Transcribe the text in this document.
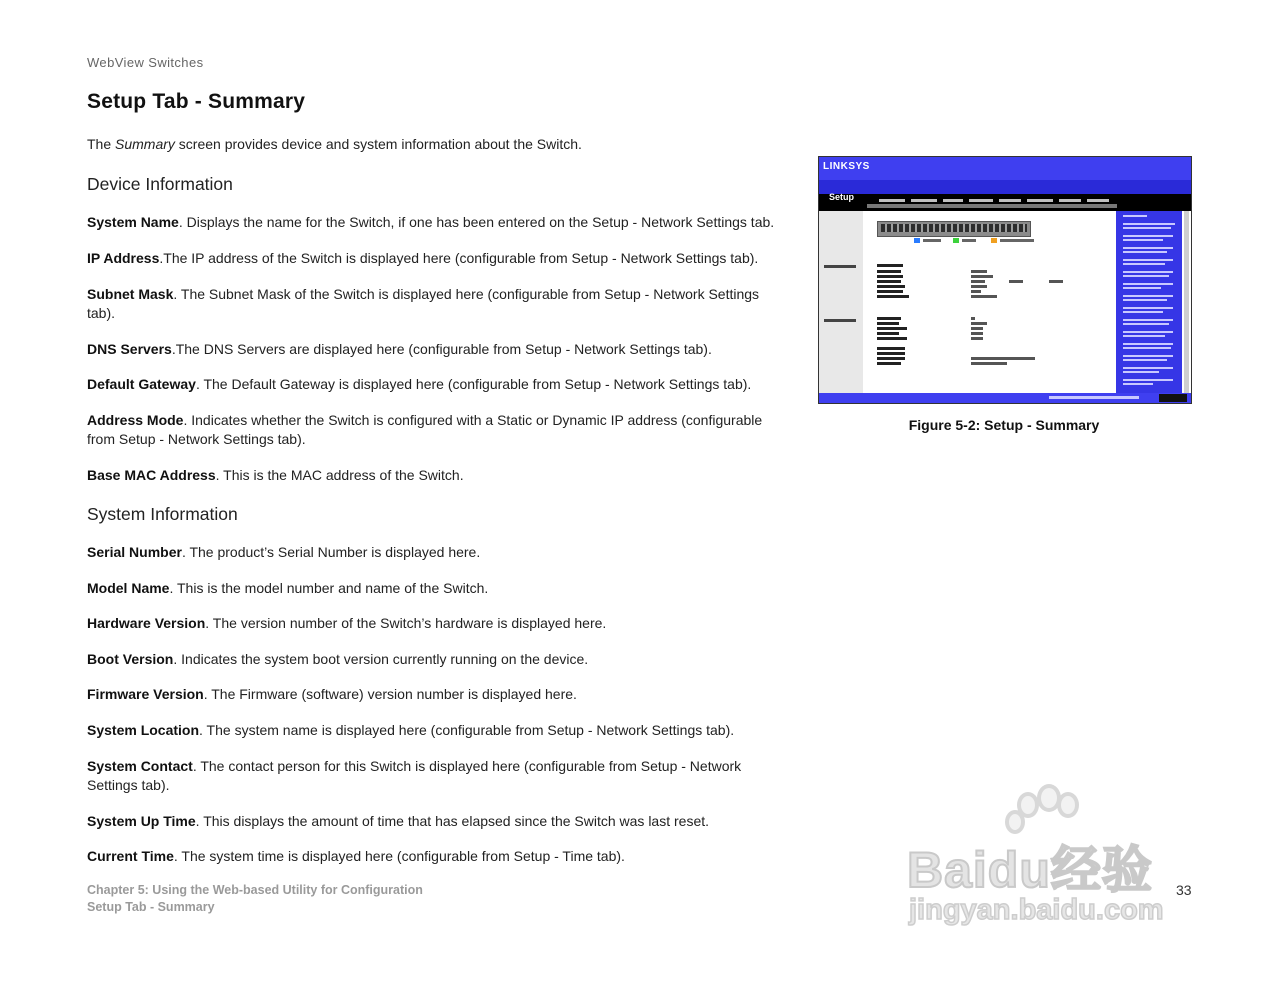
WebView Switches
Setup Tab - Summary

The Summary screen provides device and system information about the Switch.

Device Information

System Name. Displays the name for the Switch, if one has been entered on the Setup - Network Settings tab.

IP Address.The IP address of the Switch is displayed here (configurable from Setup - Network Settings tab).

Subnet Mask. The Subnet Mask of the Switch is displayed here (configurable from Setup - Network Settings tab).

DNS Servers.The DNS Servers are displayed here (configurable from Setup - Network Settings tab).

Default Gateway. The Default Gateway is displayed here (configurable from Setup - Network Settings tab).

Address Mode. Indicates whether the Switch is configured with a Static or Dynamic IP address (configurable from Setup - Network Settings tab).

Base MAC Address. This is the MAC address of the Switch.

System Information

Serial Number. The product’s Serial Number is displayed here.

Model Name. This is the model number and name of the Switch.

Hardware Version. The version number of the Switch’s hardware is displayed here.

Boot Version. Indicates the system boot version currently running on the device.

Firmware Version. The Firmware (software) version number is displayed here.

System Location. The system name is displayed here (configurable from Setup - Network Settings tab).

System Contact. The contact person for this Switch is displayed here (configurable from Setup - Network Settings tab).

System Up Time. This displays the amount of time that has elapsed since the Switch was last reset.

Current Time. The system time is displayed here (configurable from Setup - Time tab).

LINKSYS
Setup
Figure 5-2: Setup - Summary
Chapter 5: Using the Web-based Utility for Configuration
Setup Tab - Summary
33
Baidu经验
jingyan.baidu.com
